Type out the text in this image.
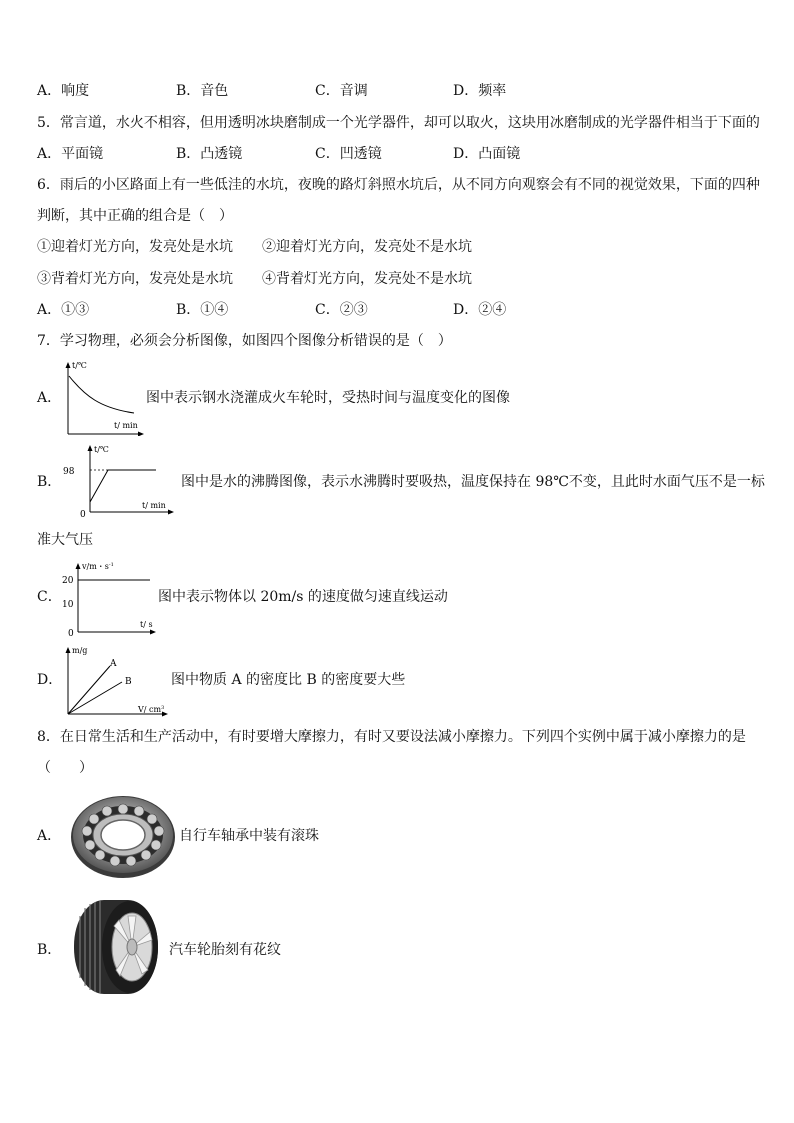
A．响度	B．音色	C．音调	D．频率
5．常言道，水火不相容，但用透明冰块磨制成一个光学器件，却可以取火，这块用冰磨制成的光学器件相当于下面的
A．平面镜	B．凸透镜	C．凹透镜	D．凸面镜
6．雨后的小区路面上有一些低洼的水坑，夜晚的路灯斜照水坑后，从不同方向观察会有不同的视觉效果，下面的四种
判断，其中正确的组合是（　）
①迎着灯光方向，发亮处是水坑 ②迎着灯光方向，发亮处不是水坑
③背着灯光方向，发亮处是水坑 ④背着灯光方向，发亮处不是水坑
A．①③	B．①④	C．②③	D．②④
7．学习物理，必须会分析图像，如图四个图像分析错误的是（　）
A．
t/℃
t/ min
图中表示钢水浇灌成火车轮时，受热时间与温度变化的图像
B．
t/℃
98
0
t/ min
图中是水的沸腾图像，表示水沸腾时要吸热，温度保持在 98℃不变，且此时水面气压不是一标
准大气压
C．
v/m・$s^{-1}$
20
10
0
t/ s
图中表示物体以 20m/s 的速度做匀速直线运动
D．
m/g
A
B
V/ $cm^3$
图中物质 A 的密度比 B 的密度要大些
8．在日常生活和生产活动中，有时要增大摩擦力，有时又要设法减小摩擦力。下列四个实例中属于减小摩擦力的是
（　　）
A．	自行车轴承中装有滚珠
B．	汽车轮胎刻有花纹
